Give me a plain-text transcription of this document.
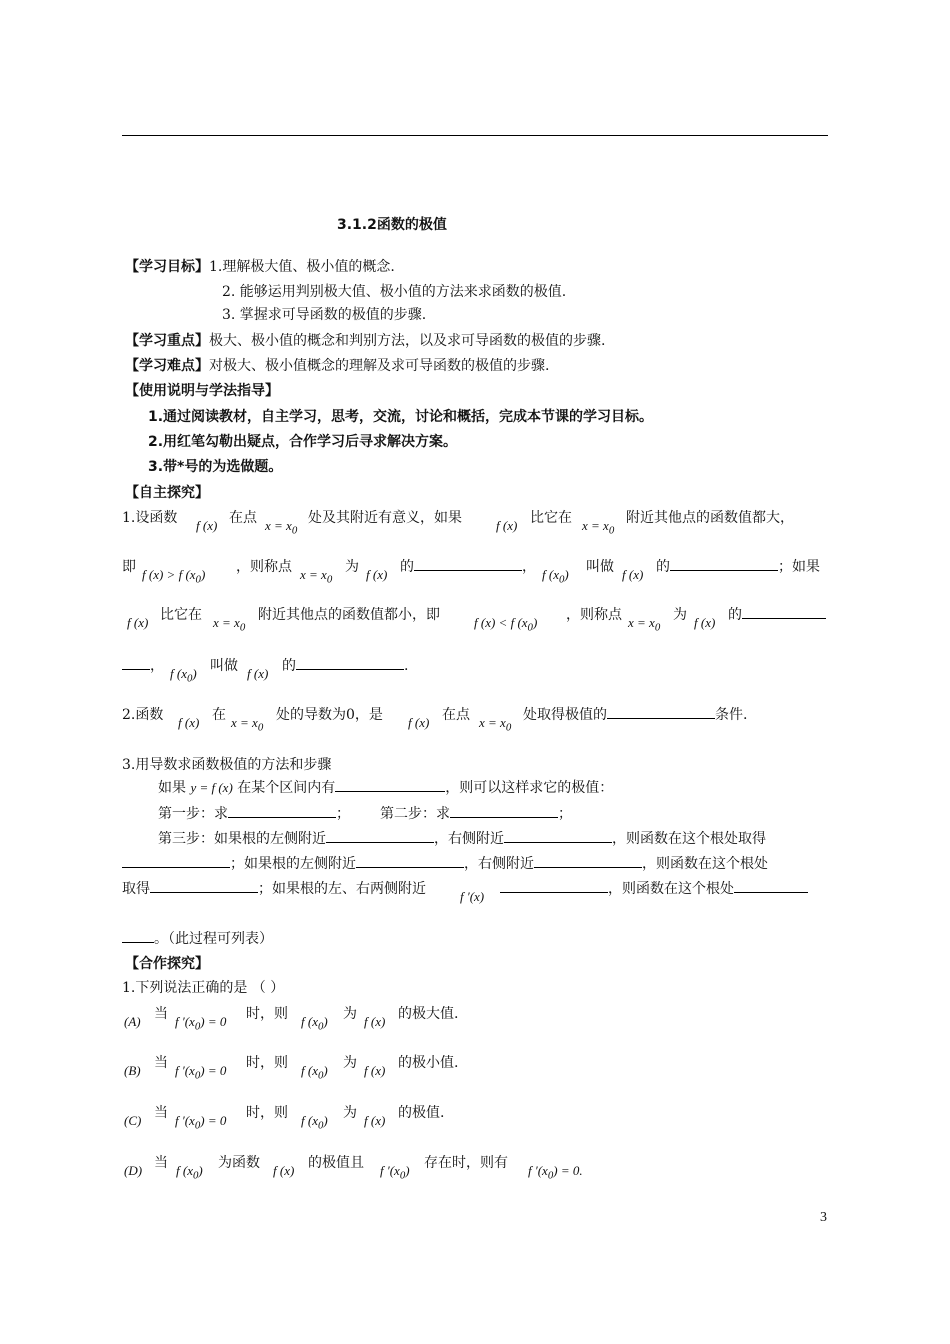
3.1.2函数的极值
【学习目标】1.理解极大值、极小值的概念.
2. 能够运用判别极大值、极小值的方法来求函数的极值.
3. 掌握求可导函数的极值的步骤.
【学习重点】极大、极小值的概念和判别方法，以及求可导函数的极值的步骤.
【学习难点】对极大、极小值概念的理解及求可导函数的极值的步骤.
【使用说明与学法指导】
1.通过阅读教材，自主学习，思考，交流，讨论和概括，完成本节课的学习目标。
2.用红笔勾勒出疑点，合作学习后寻求解决方案。
3.带*号的为选做题。
【自主探究】
1.设函数 f (x) 在点 $x = x_0$
处及其附近有意义，如果	f (x) 比它在 $x = x_0$
附近其他点的函数值都大，
即 f (x) > f $(x_0)$ ，则称点 $x = x_0$
为 f (x) 的	， f $(x_0)$ 叫做 f (x) 的	；如果
f (x) 比它在 $x = x_0$
附近其他点的函数值都小，即	f (x) < f $(x_0)$ ，则称点 $x = x_0$
为 f (x) 的
， f $(x_0)$ 叫做 f (x) 的	.
2.函数 f (x) 在 $x = x_0$
处的导数为0，是 f (x) 在点 $x = x_0$
处取得极值的	条件.
3.用导数求函数极值的方法和步骤
如果 y = f (x) 在某个区间内有	，则可以这样求它的极值：
第一步：求	； 第二步：求	；
第三步：如果根的左侧附近	，右侧附近	，则函数在这个根处取得
；如果根的左侧附近	，右侧附近	，则函数在这个根处
取得	；如果根的左、右两侧附近	f ′(x)	，则函数在这个根处
。（此过程可列表）
【合作探究】
1.下列说法正确的是 （ ）
(A) 当 f $'(x_0) = 0$ 时，则 f $(x_0)$ 为 f (x) 的极大值.
(B) 当 f $'(x_0) = 0$ 时，则 f $(x_0)$ 为 f (x) 的极小值.
(C) 当 f $'(x_0) = 0$ 时，则 f $(x_0)$ 为 f (x) 的极值.
(D) 当 f $(x_0)$ 为函数 f (x) 的极值且 f $'(x_0)$ 存在时，则有 f $'(x_0) = 0$.
3
